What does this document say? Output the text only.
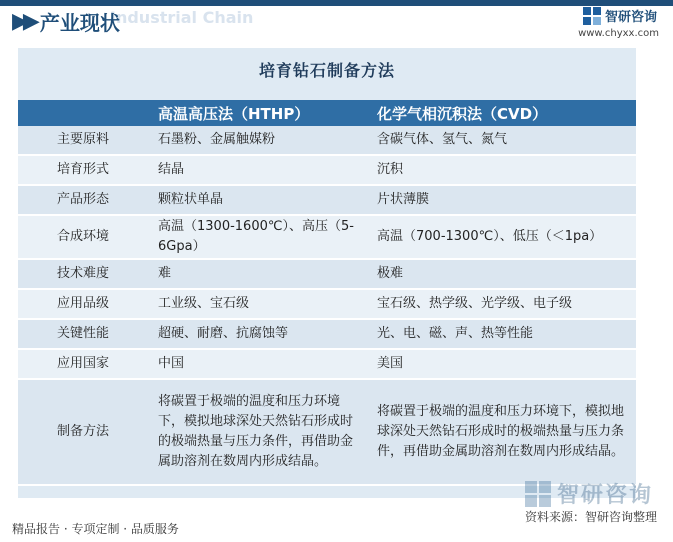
▶▶ 产业现状
Industrial Chain	智研咨询
www.chyxx.com
培育钻石制备方法
	高温高压法（HTHP）	化学气相沉积法（CVD）
主要原料	石墨粉、金属触媒粉	含碳气体、氢气、氮气
培育形式	结晶	沉积
产品形态	颗粒状单晶	片状薄膜
合成环境	高温（1300-1600℃）、高压（5-6Gpa）	高温（700-1300℃）、低压（＜1pa）
技术难度	难	极难
应用品级	工业级、宝石级	宝石级、热学级、光学级、电子级
关键性能	超硬、耐磨、抗腐蚀等	光、电、磁、声、热等性能
应用国家	中国	美国
制备方法	将碳置于极端的温度和压力环境下，模拟地球深处天然钻石形成时的极端热量与压力条件，再借助金属助溶剂在数周内形成结晶。	将碳置于极端的温度和压力环境下，模拟地球深处天然钻石形成时的极端热量与压力条件，再借助金属助溶剂在数周内形成结晶。
智研咨询
精品报告 · 专项定制 · 品质服务
资料来源：智研咨询整理
